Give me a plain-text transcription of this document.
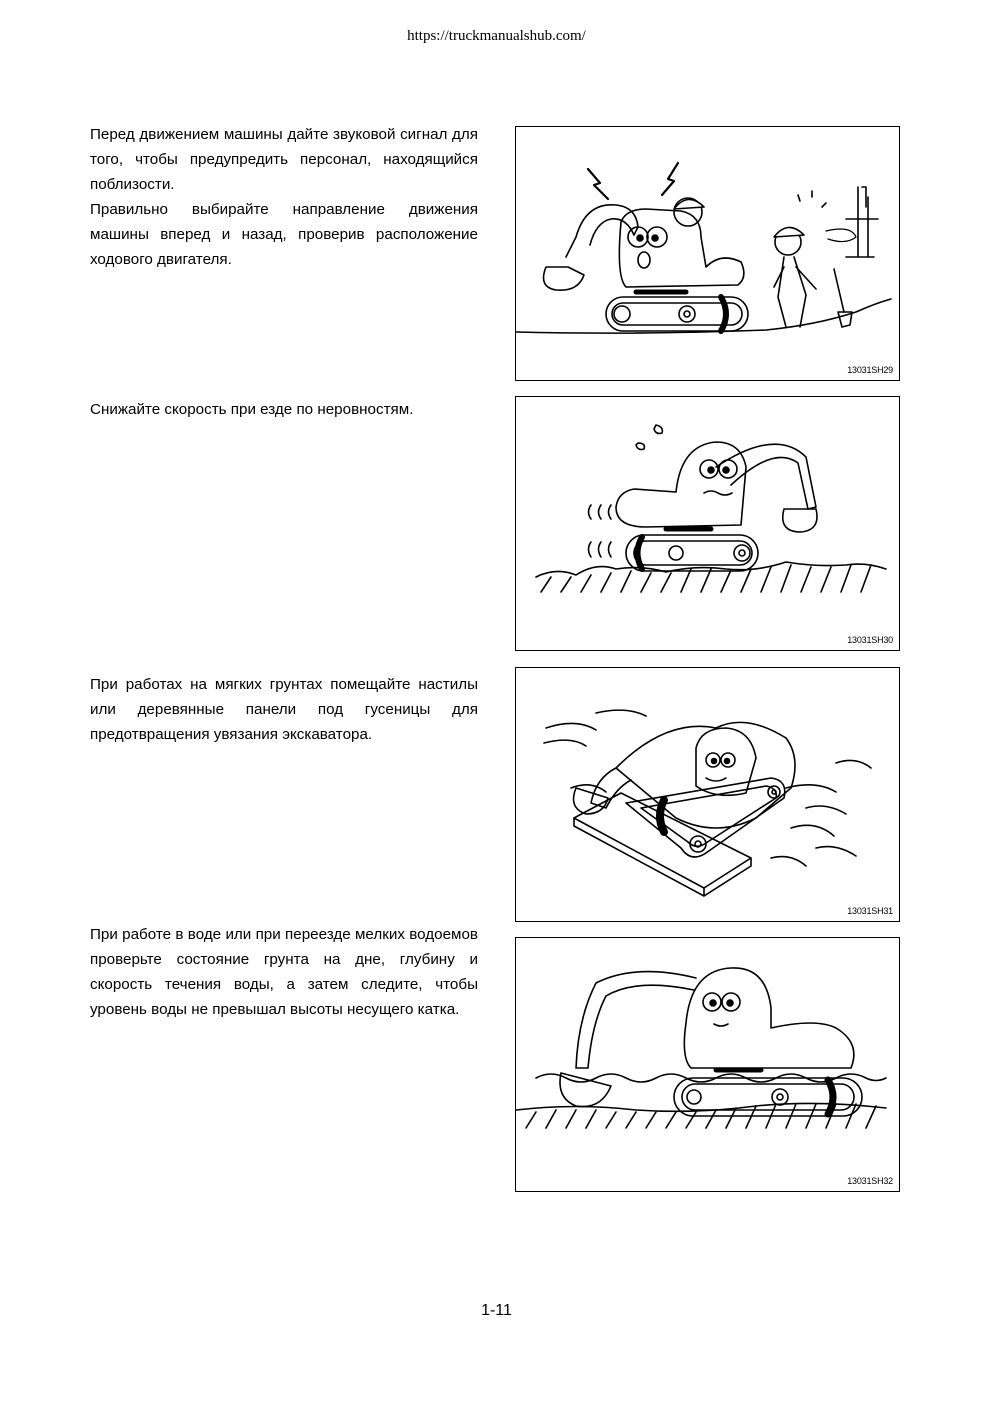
https://truckmanualshub.com/

Перед движением машины дайте звуковой сигнал для того, чтобы предупредить персонал, находящийся поблизости.

Правильно выбирайте направление движения машины вперед и назад, проверив расположение ходового двигателя.

13031SH29

Снижайте скорость при езде по неровностям.

13031SH30

При работах на мягких грунтах помещайте настилы или деревянные панели под гусеницы для предотвращения увязания экскаватора.

13031SH31

При работе в воде или при переезде мелких водоемов проверьте состояние грунта на дне, глубину и скорость течения воды, а затем следите, чтобы уровень воды не превышал высоты несущего катка.

13031SH32
1-11
